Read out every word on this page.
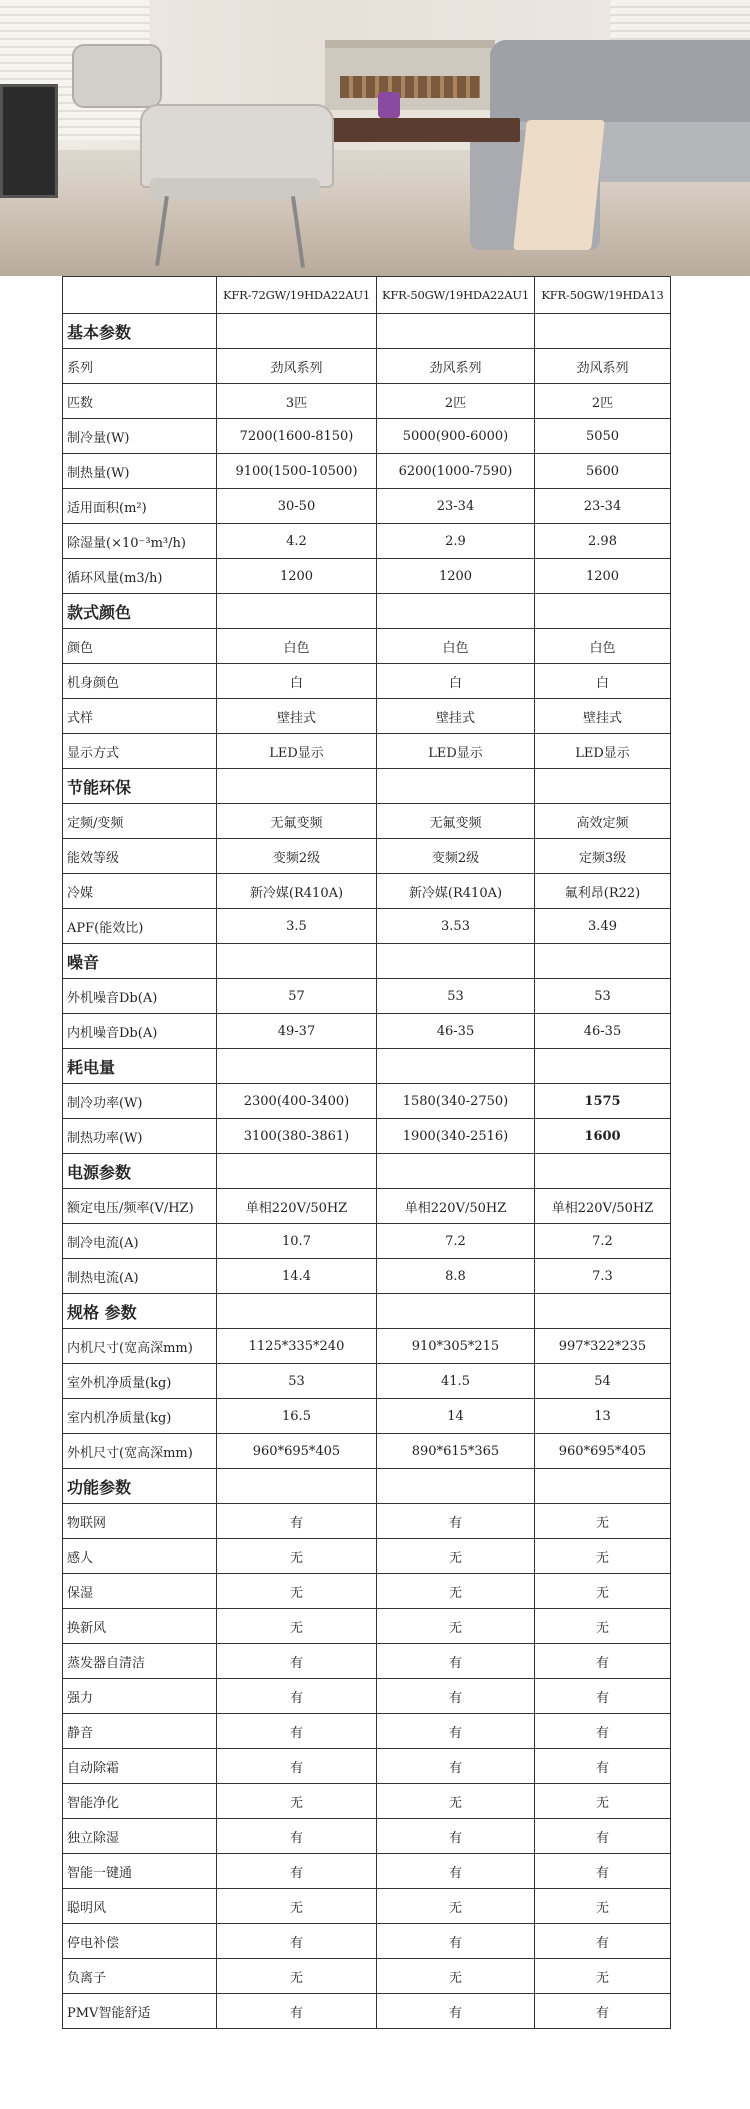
	KFR-72GW/19HDA22AU1	KFR-50GW/19HDA22AU1	KFR-50GW/19HDA13
基本参数			
系列	劲风系列	劲风系列	劲风系列
匹数	3匹	2匹	2匹
制冷量(W)	7200(1600-8150)	5000(900-6000)	5050
制热量(W)	9100(1500-10500)	6200(1000-7590)	5600
适用面积(m²)	30-50	23-34	23-34
除湿量(×10⁻³m³/h)	4.2	2.9	2.98
循环风量(m3/h)	1200	1200	1200
款式颜色			
颜色	白色	白色	白色
机身颜色	白	白	白
式样	壁挂式	壁挂式	壁挂式
显示方式	LED显示	LED显示	LED显示
节能环保			
定频/变频	无氟变频	无氟变频	高效定频
能效等级	变频2级	变频2级	定频3级
冷媒	新冷媒(R410A)	新冷媒(R410A)	氟利昂(R22)
APF(能效比)	3.5	3.53	3.49
噪音			
外机噪音Db(A)	57	53	53
内机噪音Db(A)	49-37	46-35	46-35
耗电量			
制冷功率(W)	2300(400-3400)	1580(340-2750)	1575
制热功率(W)	3100(380-3861)	1900(340-2516)	1600
电源参数			
额定电压/频率(V/HZ)	单相220V/50HZ	单相220V/50HZ	单相220V/50HZ
制冷电流(A)	10.7	7.2	7.2
制热电流(A)	14.4	8.8	7.3
规格 参数			
内机尺寸(宽高深mm)	1125*335*240	910*305*215	997*322*235
室外机净质量(kg)	53	41.5	54
室内机净质量(kg)	16.5	14	13
外机尺寸(宽高深mm)	960*695*405	890*615*365	960*695*405
功能参数			
物联网	有	有	无
感人	无	无	无
保湿	无	无	无
换新风	无	无	无
蒸发器自清洁	有	有	有
强力	有	有	有
静音	有	有	有
自动除霜	有	有	有
智能净化	无	无	无
独立除湿	有	有	有
智能一键通	有	有	有
聪明风	无	无	无
停电补偿	有	有	有
负离子	无	无	无
PMV智能舒适	有	有	有
